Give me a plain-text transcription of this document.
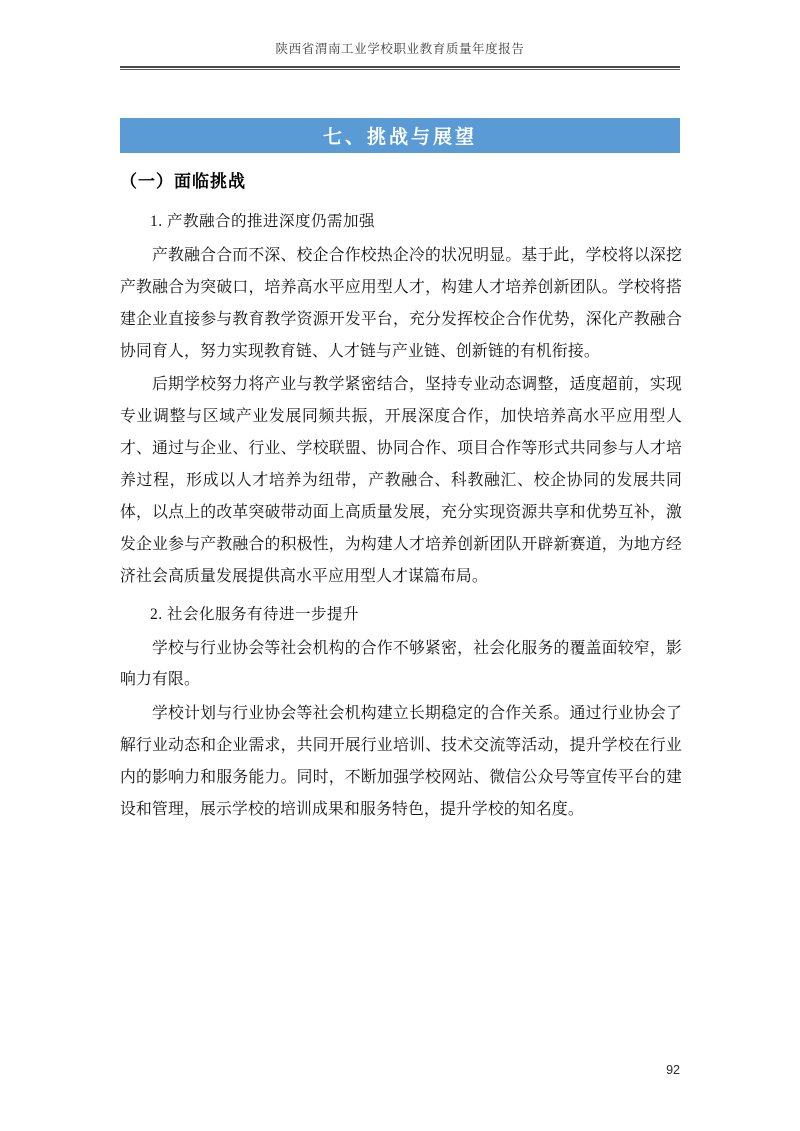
陕西省渭南工业学校职业教育质量年度报告
七、挑战与展望
（一）面临挑战

1. 产教融合的推进深度仍需加强

产教融合合而不深、校企合作校热企冷的状况明显。基于此，学校将以深挖产教融合为突破口，培养高水平应用型人才，构建人才培养创新团队。学校将搭建企业直接参与教育教学资源开发平台，充分发挥校企合作优势，深化产教融合协同育人，努力实现教育链、人才链与产业链、创新链的有机衔接。

后期学校努力将产业与教学紧密结合，坚持专业动态调整，适度超前，实现专业调整与区域产业发展同频共振，开展深度合作，加快培养高水平应用型人才、通过与企业、行业、学校联盟、协同合作、项目合作等形式共同参与人才培养过程，形成以人才培养为纽带，产教融合、科教融汇、校企协同的发展共同体，以点上的改革突破带动面上高质量发展，充分实现资源共享和优势互补，激发企业参与产教融合的积极性，为构建人才培养创新团队开辟新赛道，为地方经济社会高质量发展提供高水平应用型人才谋篇布局。

2. 社会化服务有待进一步提升

学校与行业协会等社会机构的合作不够紧密，社会化服务的覆盖面较窄，影响力有限。

学校计划与行业协会等社会机构建立长期稳定的合作关系。通过行业协会了解行业动态和企业需求，共同开展行业培训、技术交流等活动，提升学校在行业内的影响力和服务能力。同时，不断加强学校网站、微信公众号等宣传平台的建设和管理，展示学校的培训成果和服务特色，提升学校的知名度。

92
